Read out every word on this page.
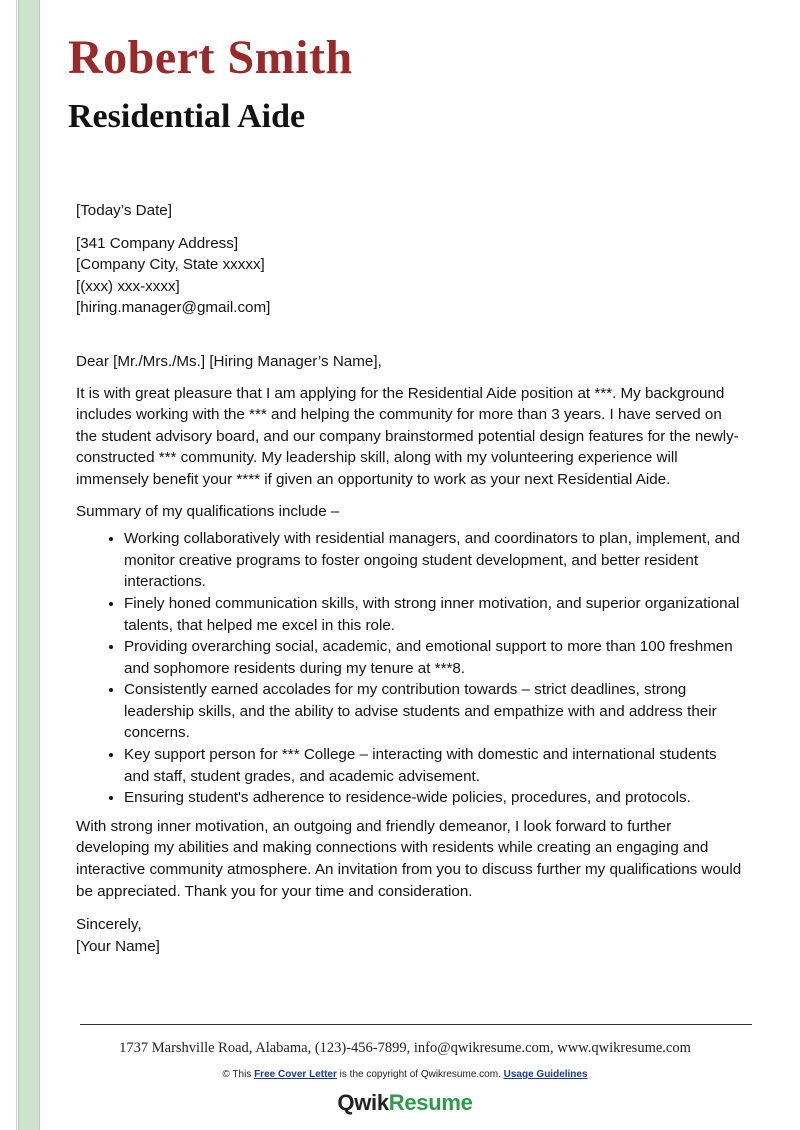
Robert Smith
Residential Aide

[Today’s Date]

[341 Company Address]

[Company City, State xxxxx]

[(xxx) xxx-xxxx]

[hiring.manager@gmail.com]

Dear [Mr./Mrs./Ms.] [Hiring Manager’s Name],

It is with great pleasure that I am applying for the Residential Aide position at ***. My background includes working with the *** and helping the community for more than 3 years. I have served on the student advisory board, and our company brainstormed potential design features for the newly-constructed *** community. My leadership skill, along with my volunteering experience will immensely benefit your **** if given an opportunity to work as your next Residential Aide.

Summary of my qualifications include –

• Working collaboratively with residential managers, and coordinators to plan, implement, and monitor creative programs to foster ongoing student development, and better resident interactions.
• Finely honed communication skills, with strong inner motivation, and superior organizational talents, that helped me excel in this role.
• Providing overarching social, academic, and emotional support to more than 100 freshmen and sophomore residents during my tenure at ***8.
• Consistently earned accolades for my contribution towards – strict deadlines, strong leadership skills, and the ability to advise students and empathize with and address their concerns.
• Key support person for *** College – interacting with domestic and international students and staff, student grades, and academic advisement.
• Ensuring student's adherence to residence-wide policies, procedures, and protocols.

With strong inner motivation, an outgoing and friendly demeanor, I look forward to further developing my abilities and making connections with residents while creating an engaging and interactive community atmosphere. An invitation from you to discuss further my qualifications would be appreciated. Thank you for your time and consideration.

Sincerely,

[Your Name]

1737 Marshville Road, Alabama, (123)-456-7899, info@qwikresume.com, www.qwikresume.com
© This Free Cover Letter is the copyright of Qwikresume.com. Usage Guidelines
QwikResume
